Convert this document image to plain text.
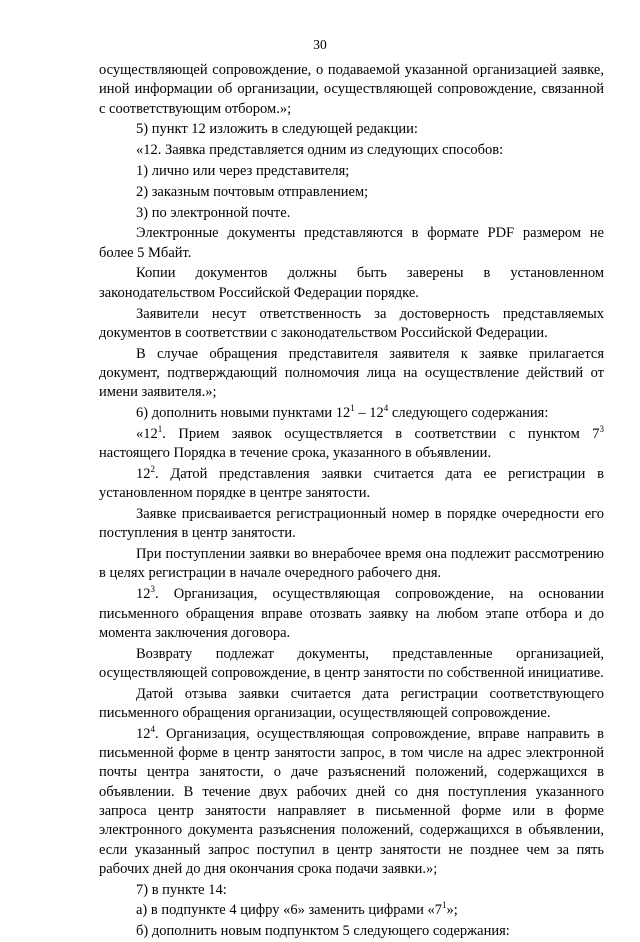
30

осуществляющей сопровождение, о подаваемой указанной организацией заявке, иной информации об организации, осуществляющей сопровождение, связанной с соответствующим отбором.»;

5) пункт 12 изложить в следующей редакции:

«12. Заявка представляется одним из следующих способов:

1) лично или через представителя;

2) заказным почтовым отправлением;

3) по электронной почте.

Электронные документы представляются в формате PDF размером не более 5 Мбайт.

Копии документов должны быть заверены в установленном законодательством Российской Федерации порядке.

Заявители несут ответственность за достоверность представляемых документов в соответствии с законодательством Российской Федерации.

В случае обращения представителя заявителя к заявке прилагается документ, подтверждающий полномочия лица на осуществление действий от имени заявителя.»;

6) дополнить новыми пунктами $12^1 - 12^4$ следующего содержания:

«$12^1$. Прием заявок осуществляется в соответствии с пунктом $7^3$ настоящего Порядка в течение срока, указанного в объявлении.

$12^2$. Датой представления заявки считается дата ее регистрации в установленном порядке в центре занятости.

Заявке присваивается регистрационный номер в порядке очередности его поступления в центр занятости.

При поступлении заявки во внерабочее время она подлежит рассмотрению в целях регистрации в начале очередного рабочего дня.

$12^3$. Организация, осуществляющая сопровождение, на основании письменного обращения вправе отозвать заявку на любом этапе отбора и до момента заключения договора.

Возврату подлежат документы, представленные организацией, осуществляющей сопровождение, в центр занятости по собственной инициативе.

Датой отзыва заявки считается дата регистрации соответствующего письменного обращения организации, осуществляющей сопровождение.

$12^4$. Организация, осуществляющая сопровождение, вправе направить в письменной форме в центр занятости запрос, в том числе на адрес электронной почты центра занятости, о даче разъяснений положений, содержащихся в объявлении. В течение двух рабочих дней со дня поступления указанного запроса центр занятости направляет в письменной форме или в форме электронного документа разъяснения положений, содержащихся в объявлении, если указанный запрос поступил в центр занятости не позднее чем за пять рабочих дней до дня окончания срока подачи заявки.»;

7) в пункте 14:

а) в подпункте 4 цифру «6» заменить цифрами «$7^1$»;

б) дополнить новым подпунктом 5 следующего содержания:
